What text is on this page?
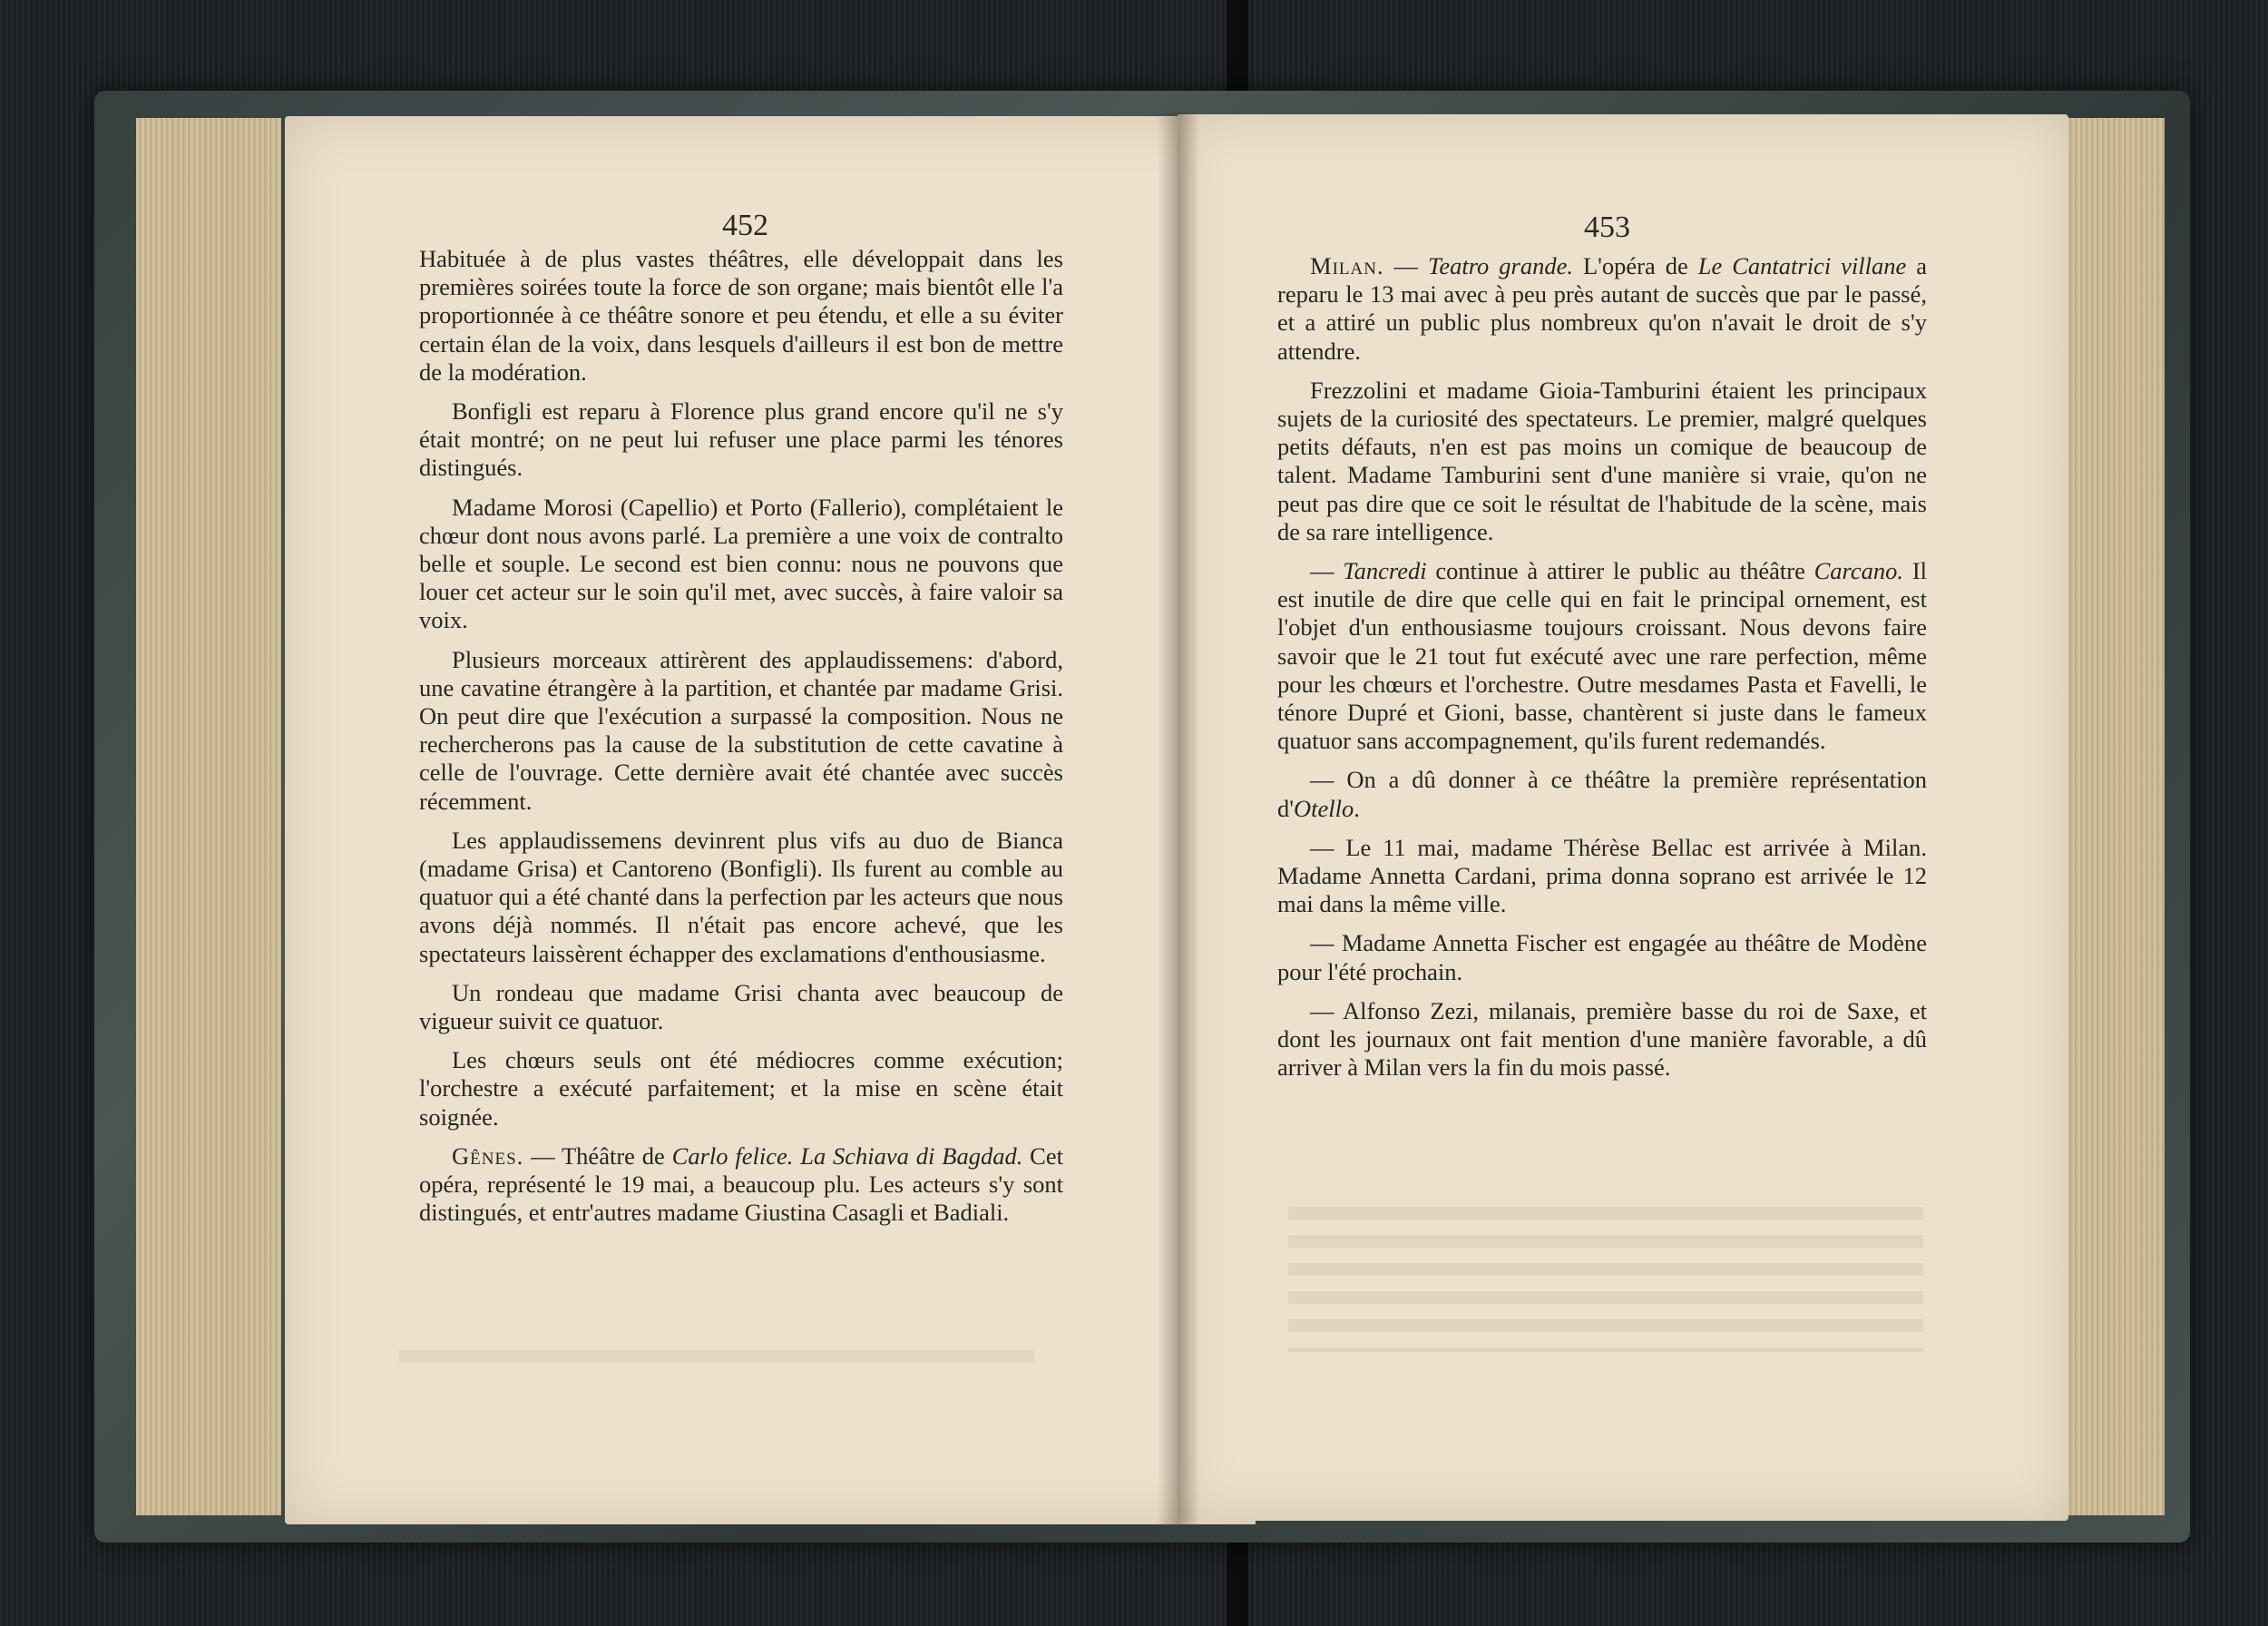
452

Habituée à de plus vastes théâtres, elle développait dans les premières soirées toute la force de son organe; mais bientôt elle l'a proportionnée à ce théâtre sonore et peu étendu, et elle a su éviter certain élan de la voix, dans lesquels d'ailleurs il est bon de mettre de la modération.

Bonfigli est reparu à Florence plus grand encore qu'il ne s'y était montré; on ne peut lui refuser une place parmi les ténores distingués.

Madame Morosi (Capellio) et Porto (Fallerio), complétaient le chœur dont nous avons parlé. La première a une voix de contralto belle et souple. Le second est bien connu: nous ne pouvons que louer cet acteur sur le soin qu'il met, avec succès, à faire valoir sa voix.

Plusieurs morceaux attirèrent des applaudissemens: d'abord, une cavatine étrangère à la partition, et chantée par madame Grisi. On peut dire que l'exécution a surpassé la composition. Nous ne rechercherons pas la cause de la substitution de cette cavatine à celle de l'ouvrage. Cette dernière avait été chantée avec succès récemment.

Les applaudissemens devinrent plus vifs au duo de Bianca (madame Grisa) et Cantoreno (Bonfigli). Ils furent au comble au quatuor qui a été chanté dans la perfection par les acteurs que nous avons déjà nommés. Il n'était pas encore achevé, que les spectateurs laissèrent échapper des exclamations d'enthousiasme.

Un rondeau que madame Grisi chanta avec beaucoup de vigueur suivit ce quatuor.

Les chœurs seuls ont été médiocres comme exécution; l'orchestre a exécuté parfaitement; et la mise en scène était soignée.

Gênes. — Théâtre de Carlo felice. La Schiava di Bagdad. Cet opéra, représenté le 19 mai, a beaucoup plu. Les acteurs s'y sont distingués, et entr'autres madame Giustina Casagli et Badiali.

453

Milan. — Teatro grande. L'opéra de Le Cantatrici villane a reparu le 13 mai avec à peu près autant de succès que par le passé, et a attiré un public plus nombreux qu'on n'avait le droit de s'y attendre.

Frezzolini et madame Gioia-Tamburini étaient les principaux sujets de la curiosité des spectateurs. Le premier, malgré quelques petits défauts, n'en est pas moins un comique de beaucoup de talent. Madame Tamburini sent d'une manière si vraie, qu'on ne peut pas dire que ce soit le résultat de l'habitude de la scène, mais de sa rare intelligence.

— Tancredi continue à attirer le public au théâtre Carcano. Il est inutile de dire que celle qui en fait le principal ornement, est l'objet d'un enthousiasme toujours croissant. Nous devons faire savoir que le 21 tout fut exécuté avec une rare perfection, même pour les chœurs et l'orchestre. Outre mesdames Pasta et Favelli, le ténore Dupré et Gioni, basse, chantèrent si juste dans le fameux quatuor sans accompagnement, qu'ils furent redemandés.

— On a dû donner à ce théâtre la première représentation d'Otello.

— Le 11 mai, madame Thérèse Bellac est arrivée à Milan. Madame Annetta Cardani, prima donna soprano est arrivée le 12 mai dans la même ville.

— Madame Annetta Fischer est engagée au théâtre de Modène pour l'été prochain.

— Alfonso Zezi, milanais, première basse du roi de Saxe, et dont les journaux ont fait mention d'une manière favorable, a dû arriver à Milan vers la fin du mois passé.
